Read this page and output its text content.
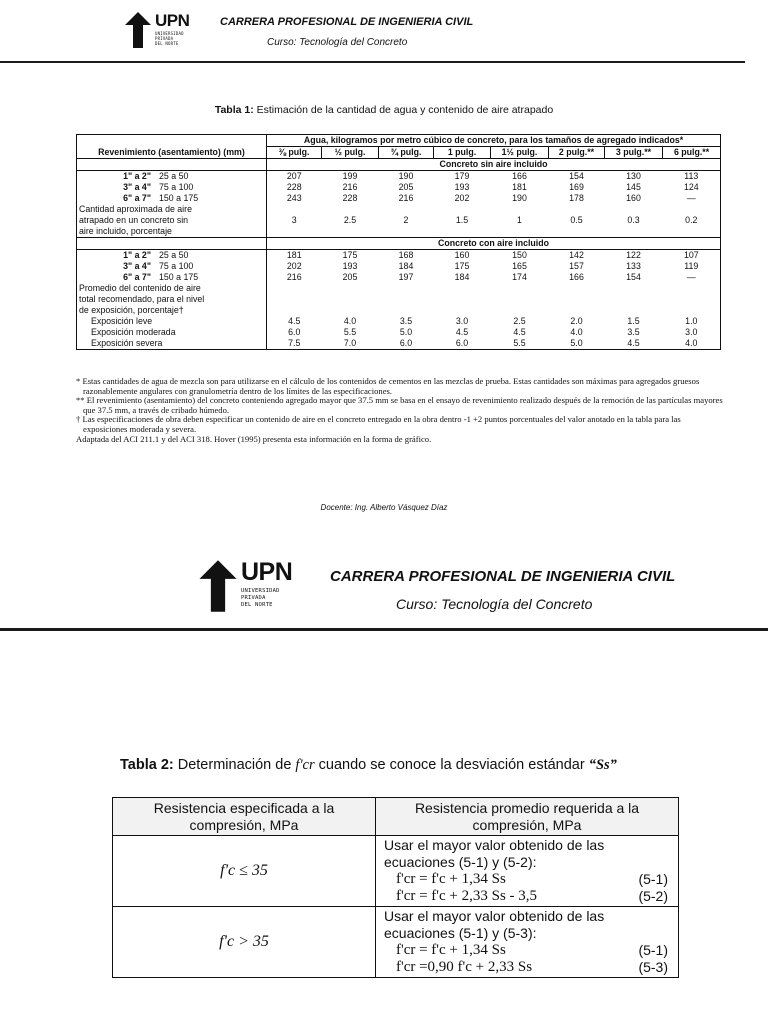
UPN
UNIVERSIDAD
PRIVADA
DEL NORTE
CARRERA PROFESIONAL DE INGENIERIA CIVIL
Curso: Tecnología del Concreto
Tabla 1: Estimación de la cantidad de agua y contenido de aire atrapado
Revenimiento (asentamiento) (mm)	Agua, kilogramos por metro cúbico de concreto, para los tamaños de agregado indicados*							
	⅜ pulg.	½ pulg.	¾ pulg.	1 pulg.	1½ pulg.	2 pulg.**	3 pulg.**	6 pulg.**
	Concreto sin aire incluido							

1" a 2" 25 a 50	207	199	190	179	166	154	130	113

3" a 4" 75 a 100	228	216	205	193	181	169	145	124

6" a 7" 150 a 175	243	228	216	202	190	178	160	—
Cantidad aproximada de aire								
atrapado en un concreto sin	3	2.5	2	1.5	1	0.5	0.3	0.2
aire incluido, porcentaje								
	Concreto con aire incluido							

1" a 2" 25 a 50	181	175	168	160	150	142	122	107

3" a 4" 75 a 100	202	193	184	175	165	157	133	119

6" a 7" 150 a 175	216	205	197	184	174	166	154	—
Promedio del contenido de aire								
total recomendado, para el nivel								
de exposición, porcentaje†								
Exposición leve	4.5	4.0	3.5	3.0	2.5	2.0	1.5	1.0
Exposición moderada	6.0	5.5	5.0	4.5	4.5	4.0	3.5	3.0
Exposición severa	7.5	7.0	6.0	6.0	5.5	5.0	4.5	4.0

* Estas cantidades de agua de mezcla son para utilizarse en el cálculo de los contenidos de cementos en las mezclas de prueba. Estas cantidades son máximas para agregados gruesos razonablemente angulares con granulometría dentro de los límites de las especificaciones.

** El revenimiento (asentamiento) del concreto conteniendo agregado mayor que 37.5 mm se basa en el ensayo de revenimiento realizado después de la remoción de las partículas mayores que 37.5 mm, a través de cribado húmedo.

† Las especificaciones de obra deben especificar un contenido de aire en el concreto entregado en la obra dentro -1 +2 puntos porcentuales del valor anotado en la tabla para las exposiciones moderada y severa.

Adaptada del ACI 211.1 y del ACI 318. Hover (1995) presenta esta información en la forma de gráfico.

Docente: Ing. Alberto Vásquez Díaz
UPN
UNIVERSIDAD
PRIVADA
DEL NORTE
CARRERA PROFESIONAL DE INGENIERIA CIVIL
Curso: Tecnología del Concreto
Tabla 2: Determinación de f'cr cuando se conoce la desviación estándar “Ss”
Resistencia especificada a la compresión, MPa	Resistencia promedio requerida a la compresión, MPa
f'c ≤ 35	Usar el mayor valor obtenido de las ecuaciones (5-1) y (5-2):
f'cr = f'c + 1,34 Ss (5-1)
f'cr = f'c + 2,33 Ss - 3,5 (5-2)

f'c > 35	Usar el mayor valor obtenido de las ecuaciones (5-1) y (5-3):
f'cr = f'c + 1,34 Ss (5-1)
f'cr =0,90 f'c + 2,33 Ss (5-3)
